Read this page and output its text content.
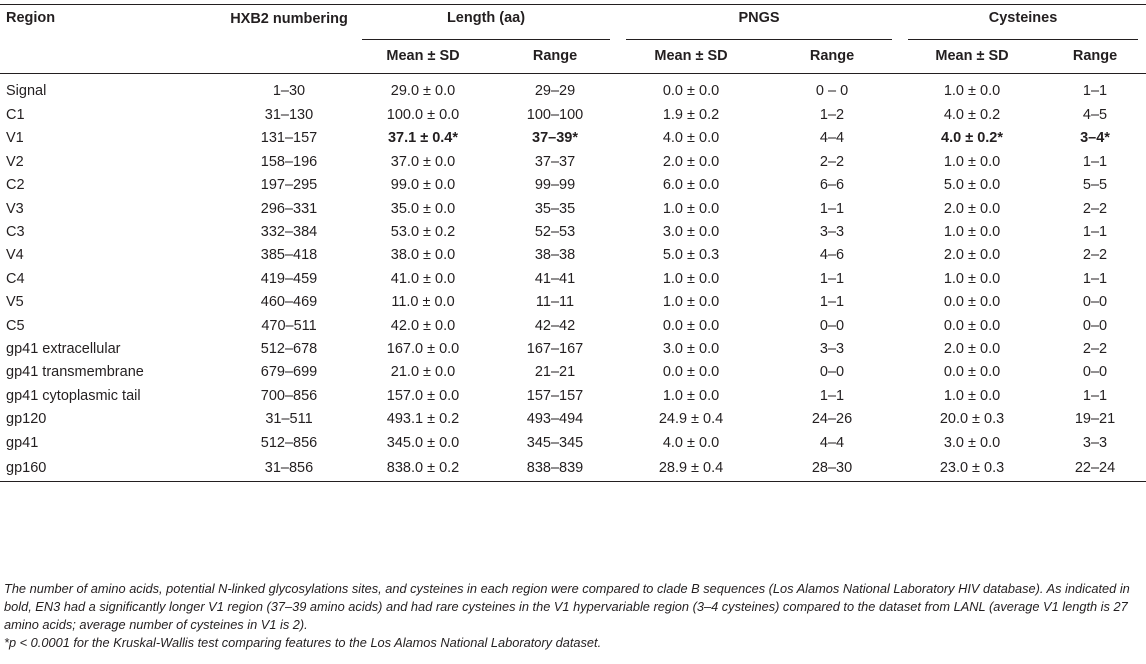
Region	HXB2 numbering	Length (aa)		PNGS		Cysteines	

		Mean ± SD	Range	Mean ± SD	Range	Mean ± SD	Range
Signal	1–30	29.0 ± 0.0	29–29	0.0 ± 0.0	0 – 0	1.0 ± 0.0	1–1
C1	31–130	100.0 ± 0.0	100–100	1.9 ± 0.2	1–2	4.0 ± 0.2	4–5
V1	131–157	37.1 ± 0.4*	37–39*	4.0 ± 0.0	4–4	4.0 ± 0.2*	3–4*
V2	158–196	37.0 ± 0.0	37–37	2.0 ± 0.0	2–2	1.0 ± 0.0	1–1
C2	197–295	99.0 ± 0.0	99–99	6.0 ± 0.0	6–6	5.0 ± 0.0	5–5
V3	296–331	35.0 ± 0.0	35–35	1.0 ± 0.0	1–1	2.0 ± 0.0	2–2
C3	332–384	53.0 ± 0.2	52–53	3.0 ± 0.0	3–3	1.0 ± 0.0	1–1
V4	385–418	38.0 ± 0.0	38–38	5.0 ± 0.3	4–6	2.0 ± 0.0	2–2
C4	419–459	41.0 ± 0.0	41–41	1.0 ± 0.0	1–1	1.0 ± 0.0	1–1
V5	460–469	11.0 ± 0.0	11–11	1.0 ± 0.0	1–1	0.0 ± 0.0	0–0
C5	470–511	42.0 ± 0.0	42–42	0.0 ± 0.0	0–0	0.0 ± 0.0	0–0
gp41 extracellular	512–678	167.0 ± 0.0	167–167	3.0 ± 0.0	3–3	2.0 ± 0.0	2–2
gp41 transmembrane	679–699	21.0 ± 0.0	21–21	0.0 ± 0.0	0–0	0.0 ± 0.0	0–0
gp41 cytoplasmic tail	700–856	157.0 ± 0.0	157–157	1.0 ± 0.0	1–1	1.0 ± 0.0	1–1
gp120	31–511	493.1 ± 0.2	493–494	24.9 ± 0.4	24–26	20.0 ± 0.3	19–21
gp41	512–856	345.0 ± 0.0	345–345	4.0 ± 0.0	4–4	3.0 ± 0.0	3–3
gp160	31–856	838.0 ± 0.2	838–839	28.9 ± 0.4	28–30	23.0 ± 0.3	22–24

The number of amino acids, potential N-linked glycosylations sites, and cysteines in each region were compared to clade B sequences (Los Alamos National Laboratory HIV database). As indicated in bold, EN3 had a significantly longer V1 region (37–39 amino acids) and had rare cysteines in the V1 hypervariable region (3–4 cysteines) compared to the dataset from LANL (average V1 length is 27 amino acids; average number of cysteines in V1 is 2).

*p < 0.0001 for the Kruskal-Wallis test comparing features to the Los Alamos National Laboratory dataset.
